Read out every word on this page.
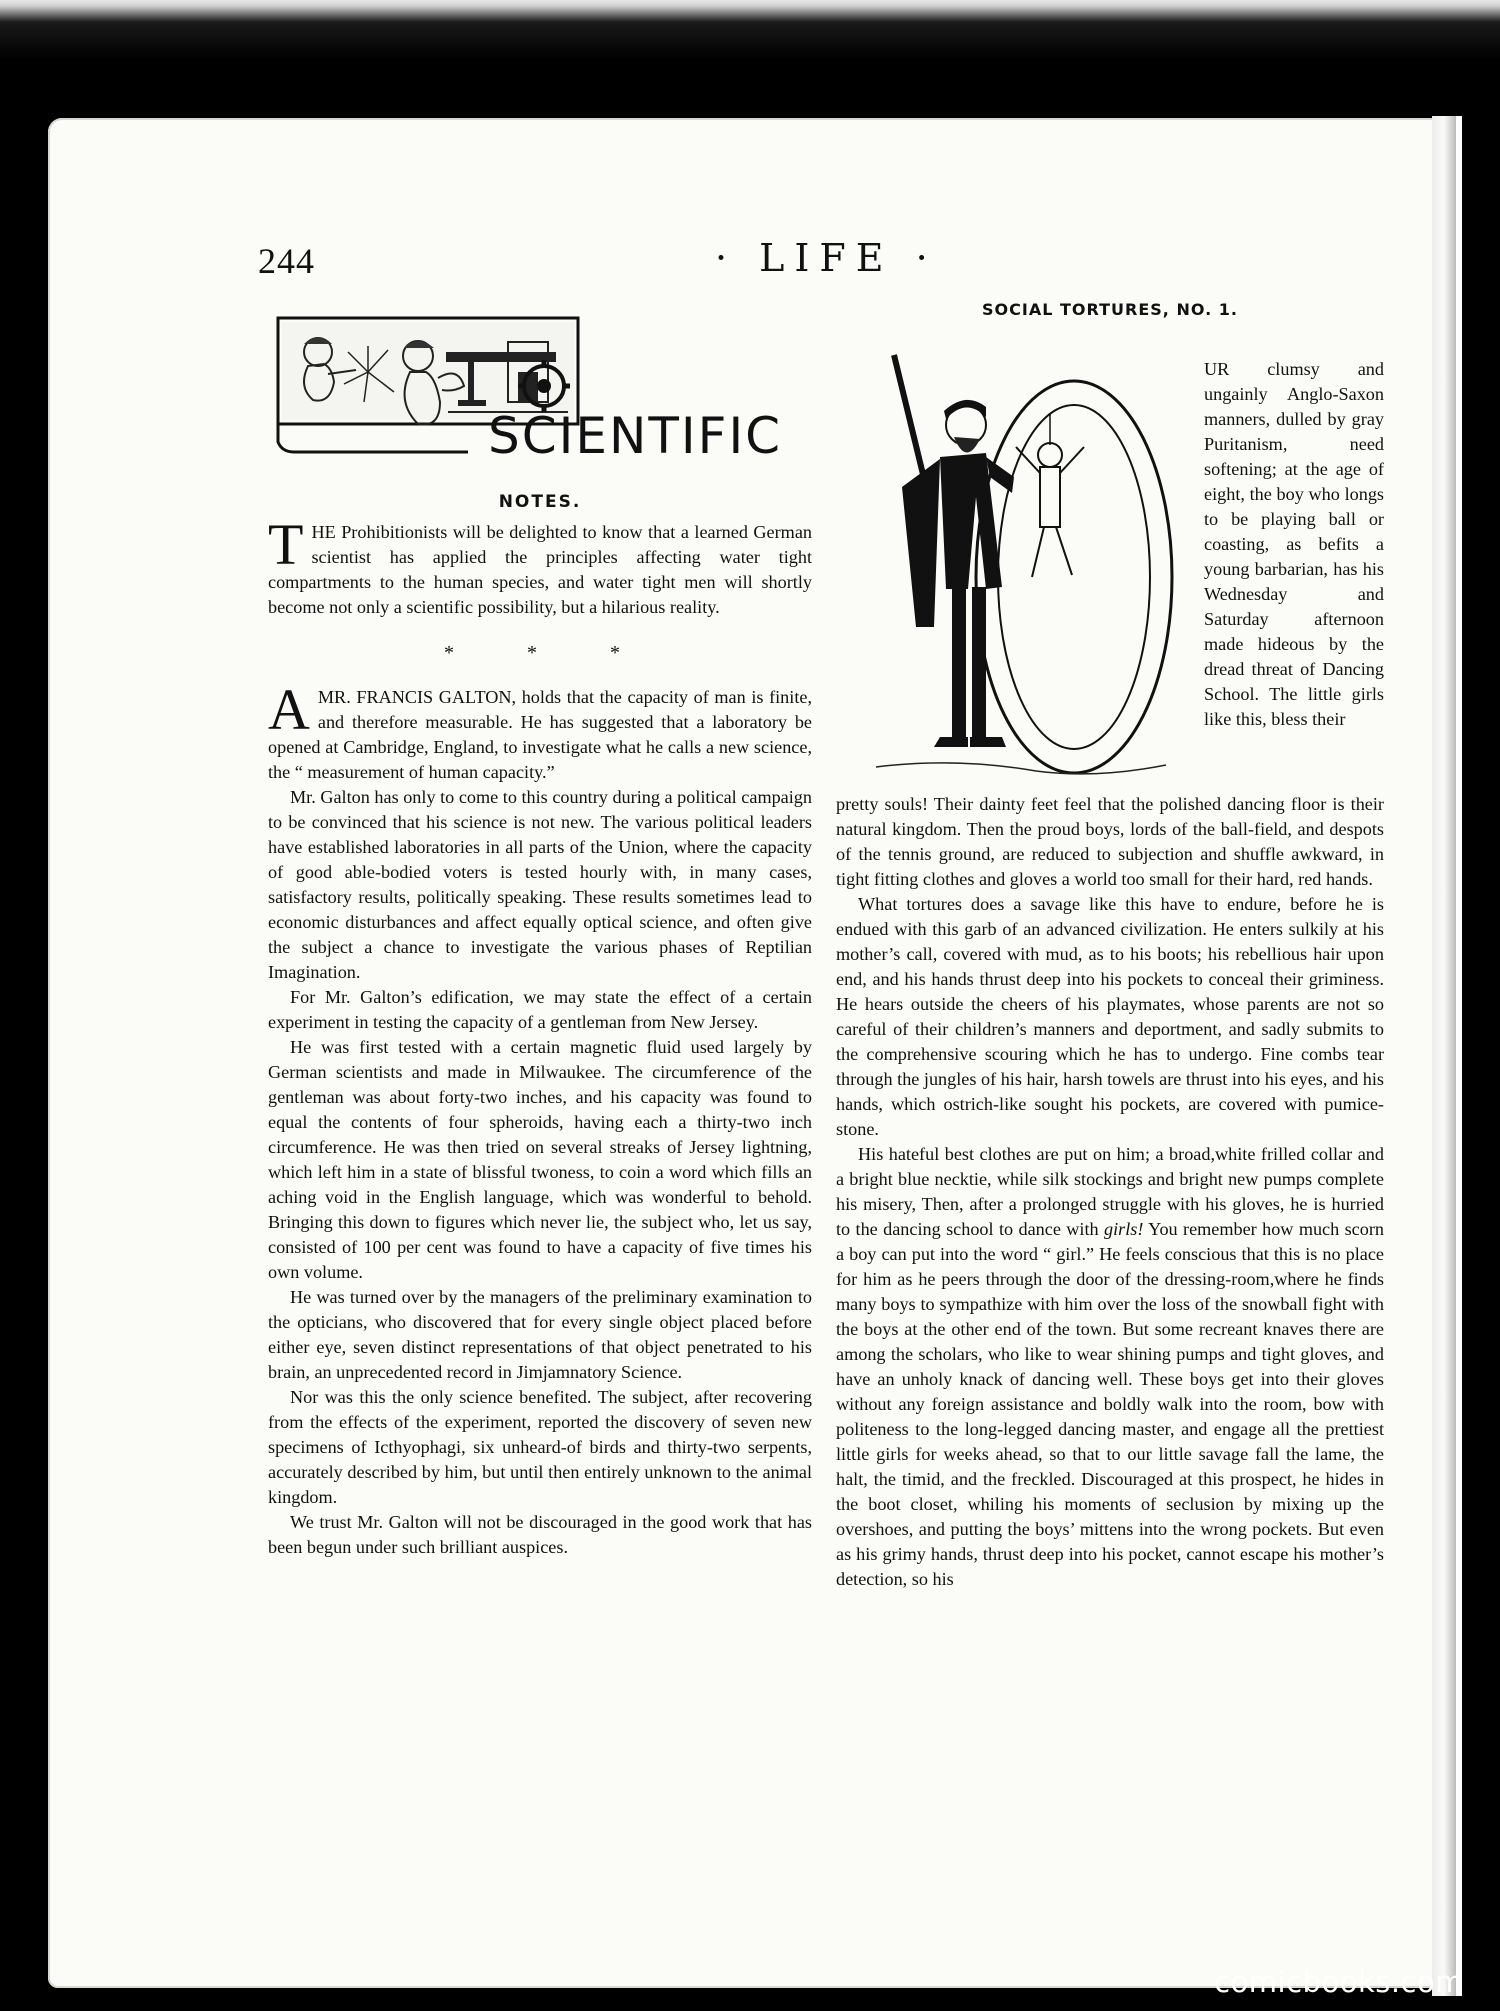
244	· LIFE ·
SCIENTIFIC
NOTES.

THE Prohibitionists will be delighted to know that a learned German scientist has applied the principles affecting water tight compartments to the human species, and water tight men will shortly become not only a scientific possibility, but a hilarious reality.

* * *

AMR. FRANCIS GALTON, holds that the capacity of man is finite, and therefore measurable. He has suggested that a laboratory be opened at Cambridge, England, to investigate what he calls a new science, the “ measurement of human capacity.”

Mr. Galton has only to come to this country during a political campaign to be convinced that his science is not new. The various political leaders have established laboratories in all parts of the Union, where the capacity of good able-bodied voters is tested hourly with, in many cases, satisfactory results, politically speaking. These results sometimes lead to economic disturbances and affect equally optical science, and often give the subject a chance to investigate the various phases of Reptilian Imagination.

For Mr. Galton’s edification, we may state the effect of a certain experiment in testing the capacity of a gentleman from New Jersey.

He was first tested with a certain magnetic fluid used largely by German scientists and made in Milwaukee. The circumference of the gentleman was about forty-two inches, and his capacity was found to equal the contents of four spheroids, having each a thirty-two inch circumference. He was then tried on several streaks of Jersey lightning, which left him in a state of blissful twoness, to coin a word which fills an aching void in the English language, which was wonderful to behold. Bringing this down to figures which never lie, the subject who, let us say, consisted of 100 per cent was found to have a capacity of five times his own volume.

He was turned over by the managers of the preliminary examination to the opticians, who discovered that for every single object placed before either eye, seven distinct representations of that object penetrated to his brain, an unprecedented record in Jimjamnatory Science.

Nor was this the only science benefited. The subject, after recovering from the effects of the experiment, reported the discovery of seven new specimens of Icthyophagi, six unheard-of birds and thirty-two serpents, accurately described by him, but until then entirely unknown to the animal kingdom.

We trust Mr. Galton will not be discouraged in the good work that has been begun under such brilliant auspices.

SOCIAL TORTURES, NO. 1.
UR clumsy and ungainly Anglo-Saxon manners, dulled by gray Puritanism, need softening; at the age of eight, the boy who longs to be playing ball or coasting, as befits a young barbarian, has his Wednesday and Saturday afternoon made hideous by the dread threat of Dancing School. The little girls like this, bless their

pretty souls! Their dainty feet feel that the polished dancing floor is their natural kingdom. Then the proud boys, lords of the ball-field, and despots of the tennis ground, are reduced to subjection and shuffle awkward, in tight fitting clothes and gloves a world too small for their hard, red hands.

What tortures does a savage like this have to endure, before he is endued with this garb of an advanced civilization. He enters sulkily at his mother’s call, covered with mud, as to his boots; his rebellious hair upon end, and his hands thrust deep into his pockets to conceal their griminess. He hears outside the cheers of his playmates, whose parents are not so careful of their children’s manners and deportment, and sadly submits to the comprehensive scouring which he has to undergo. Fine combs tear through the jungles of his hair, harsh towels are thrust into his eyes, and his hands, which ostrich-like sought his pockets, are covered with pumice-stone.

His hateful best clothes are put on him; a broad,white frilled collar and a bright blue necktie, while silk stockings and bright new pumps complete his misery, Then, after a prolonged struggle with his gloves, he is hurried to the dancing school to dance with girls! You remember how much scorn a boy can put into the word “ girl.” He feels conscious that this is no place for him as he peers through the door of the dressing-room,where he finds many boys to sympathize with him over the loss of the snowball fight with the boys at the other end of the town. But some recreant knaves there are among the scholars, who like to wear shining pumps and tight gloves, and have an unholy knack of dancing well. These boys get into their gloves without any foreign assistance and boldly walk into the room, bow with politeness to the long-legged dancing master, and engage all the prettiest little girls for weeks ahead, so that to our little savage fall the lame, the halt, the timid, and the freckled. Discouraged at this prospect, he hides in the boot closet, whiling his moments of seclusion by mixing up the overshoes, and putting the boys’ mittens into the wrong pockets. But even as his grimy hands, thrust deep into his pocket, cannot escape his mother’s detection, so his

comicbooks.com
